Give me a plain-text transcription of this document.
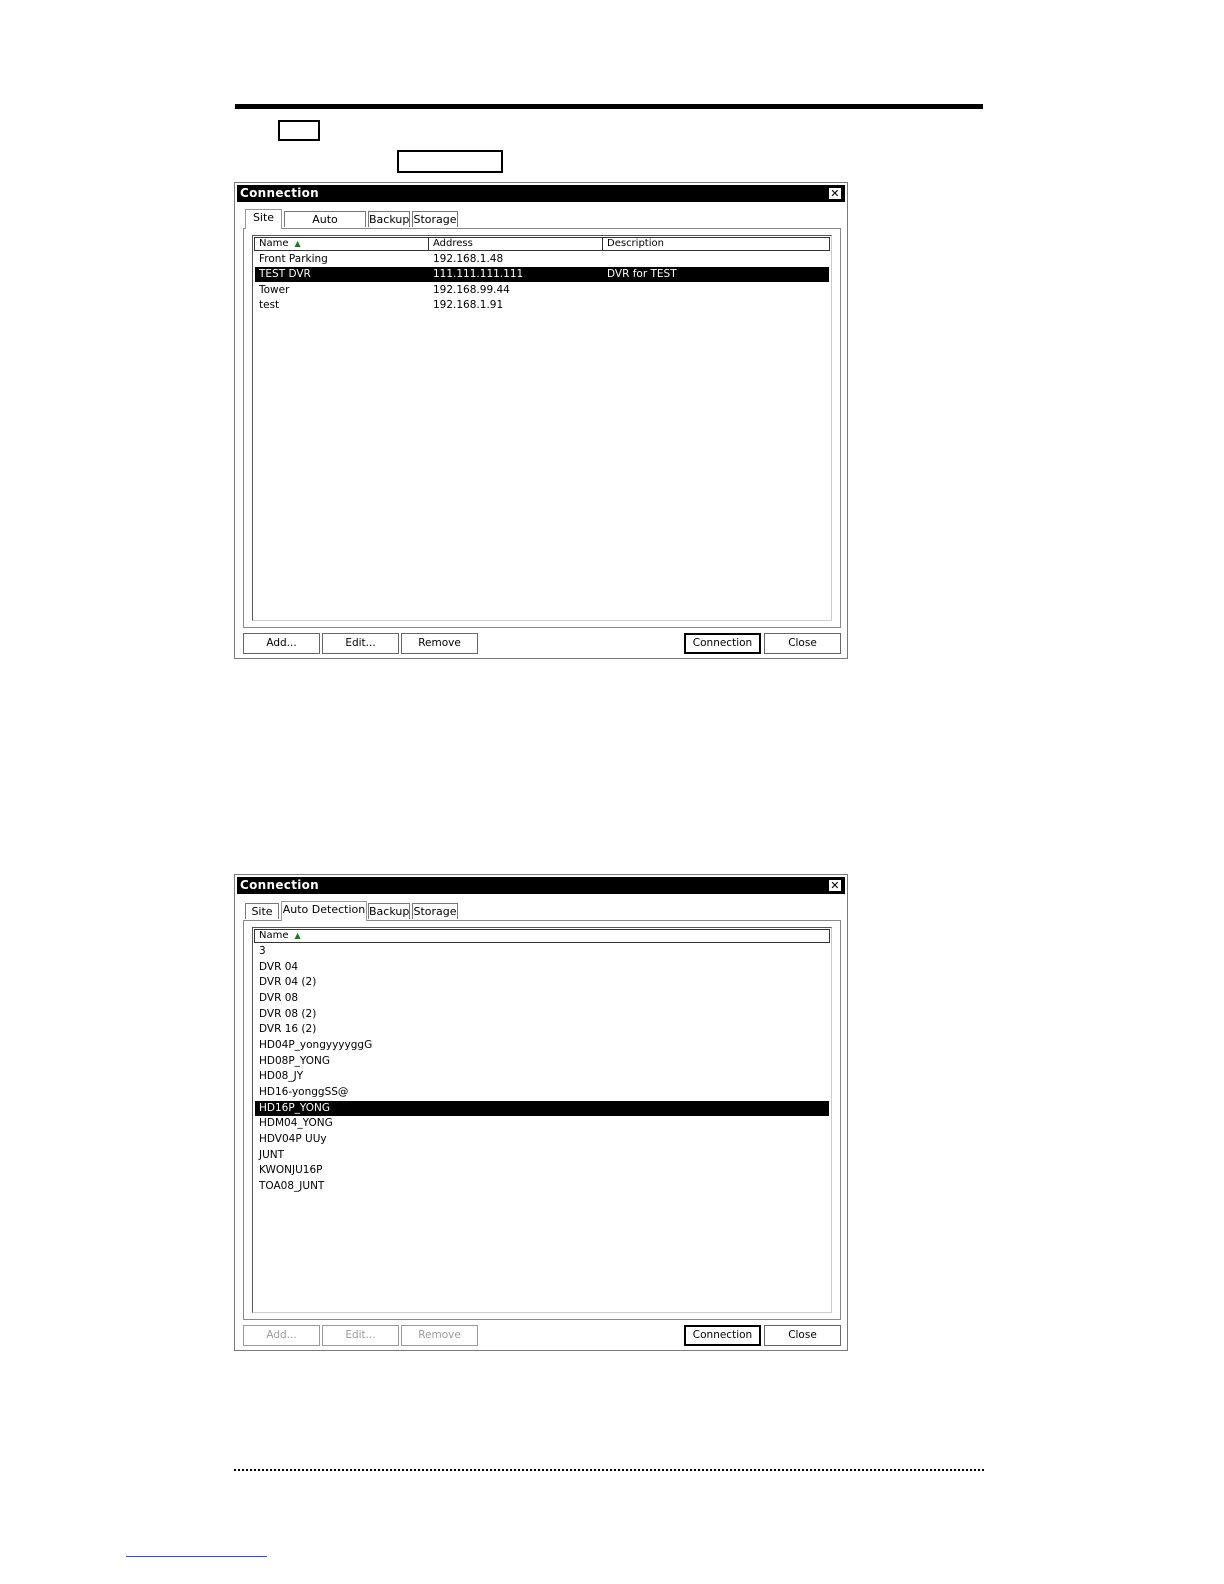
Connection	✕
Site	Auto	Backup Storage
Name ▲	Address	Description
Front Parking	192.168.1.48
TEST DVR	111.111.111.111	DVR for TEST
Tower	192.168.99.44
test	192.168.1.91
Add...	Edit...	Remove	Connection	Close
Connection	✕
Site Auto Detection Backup Storage
Name ▲
3
DVR 04
DVR 04 (2)
DVR 08
DVR 08 (2)
DVR 16 (2)
HD04P_yongyyyyggG
HD08P_YONG
HD08_JY
HD16-yonggSS@
HD16P_YONG
HDM04_YONG
HDV04P UUy
JUNT
KWONJU16P
TOA08_JUNT
Add...	Edit...	Remove	Connection	Close
